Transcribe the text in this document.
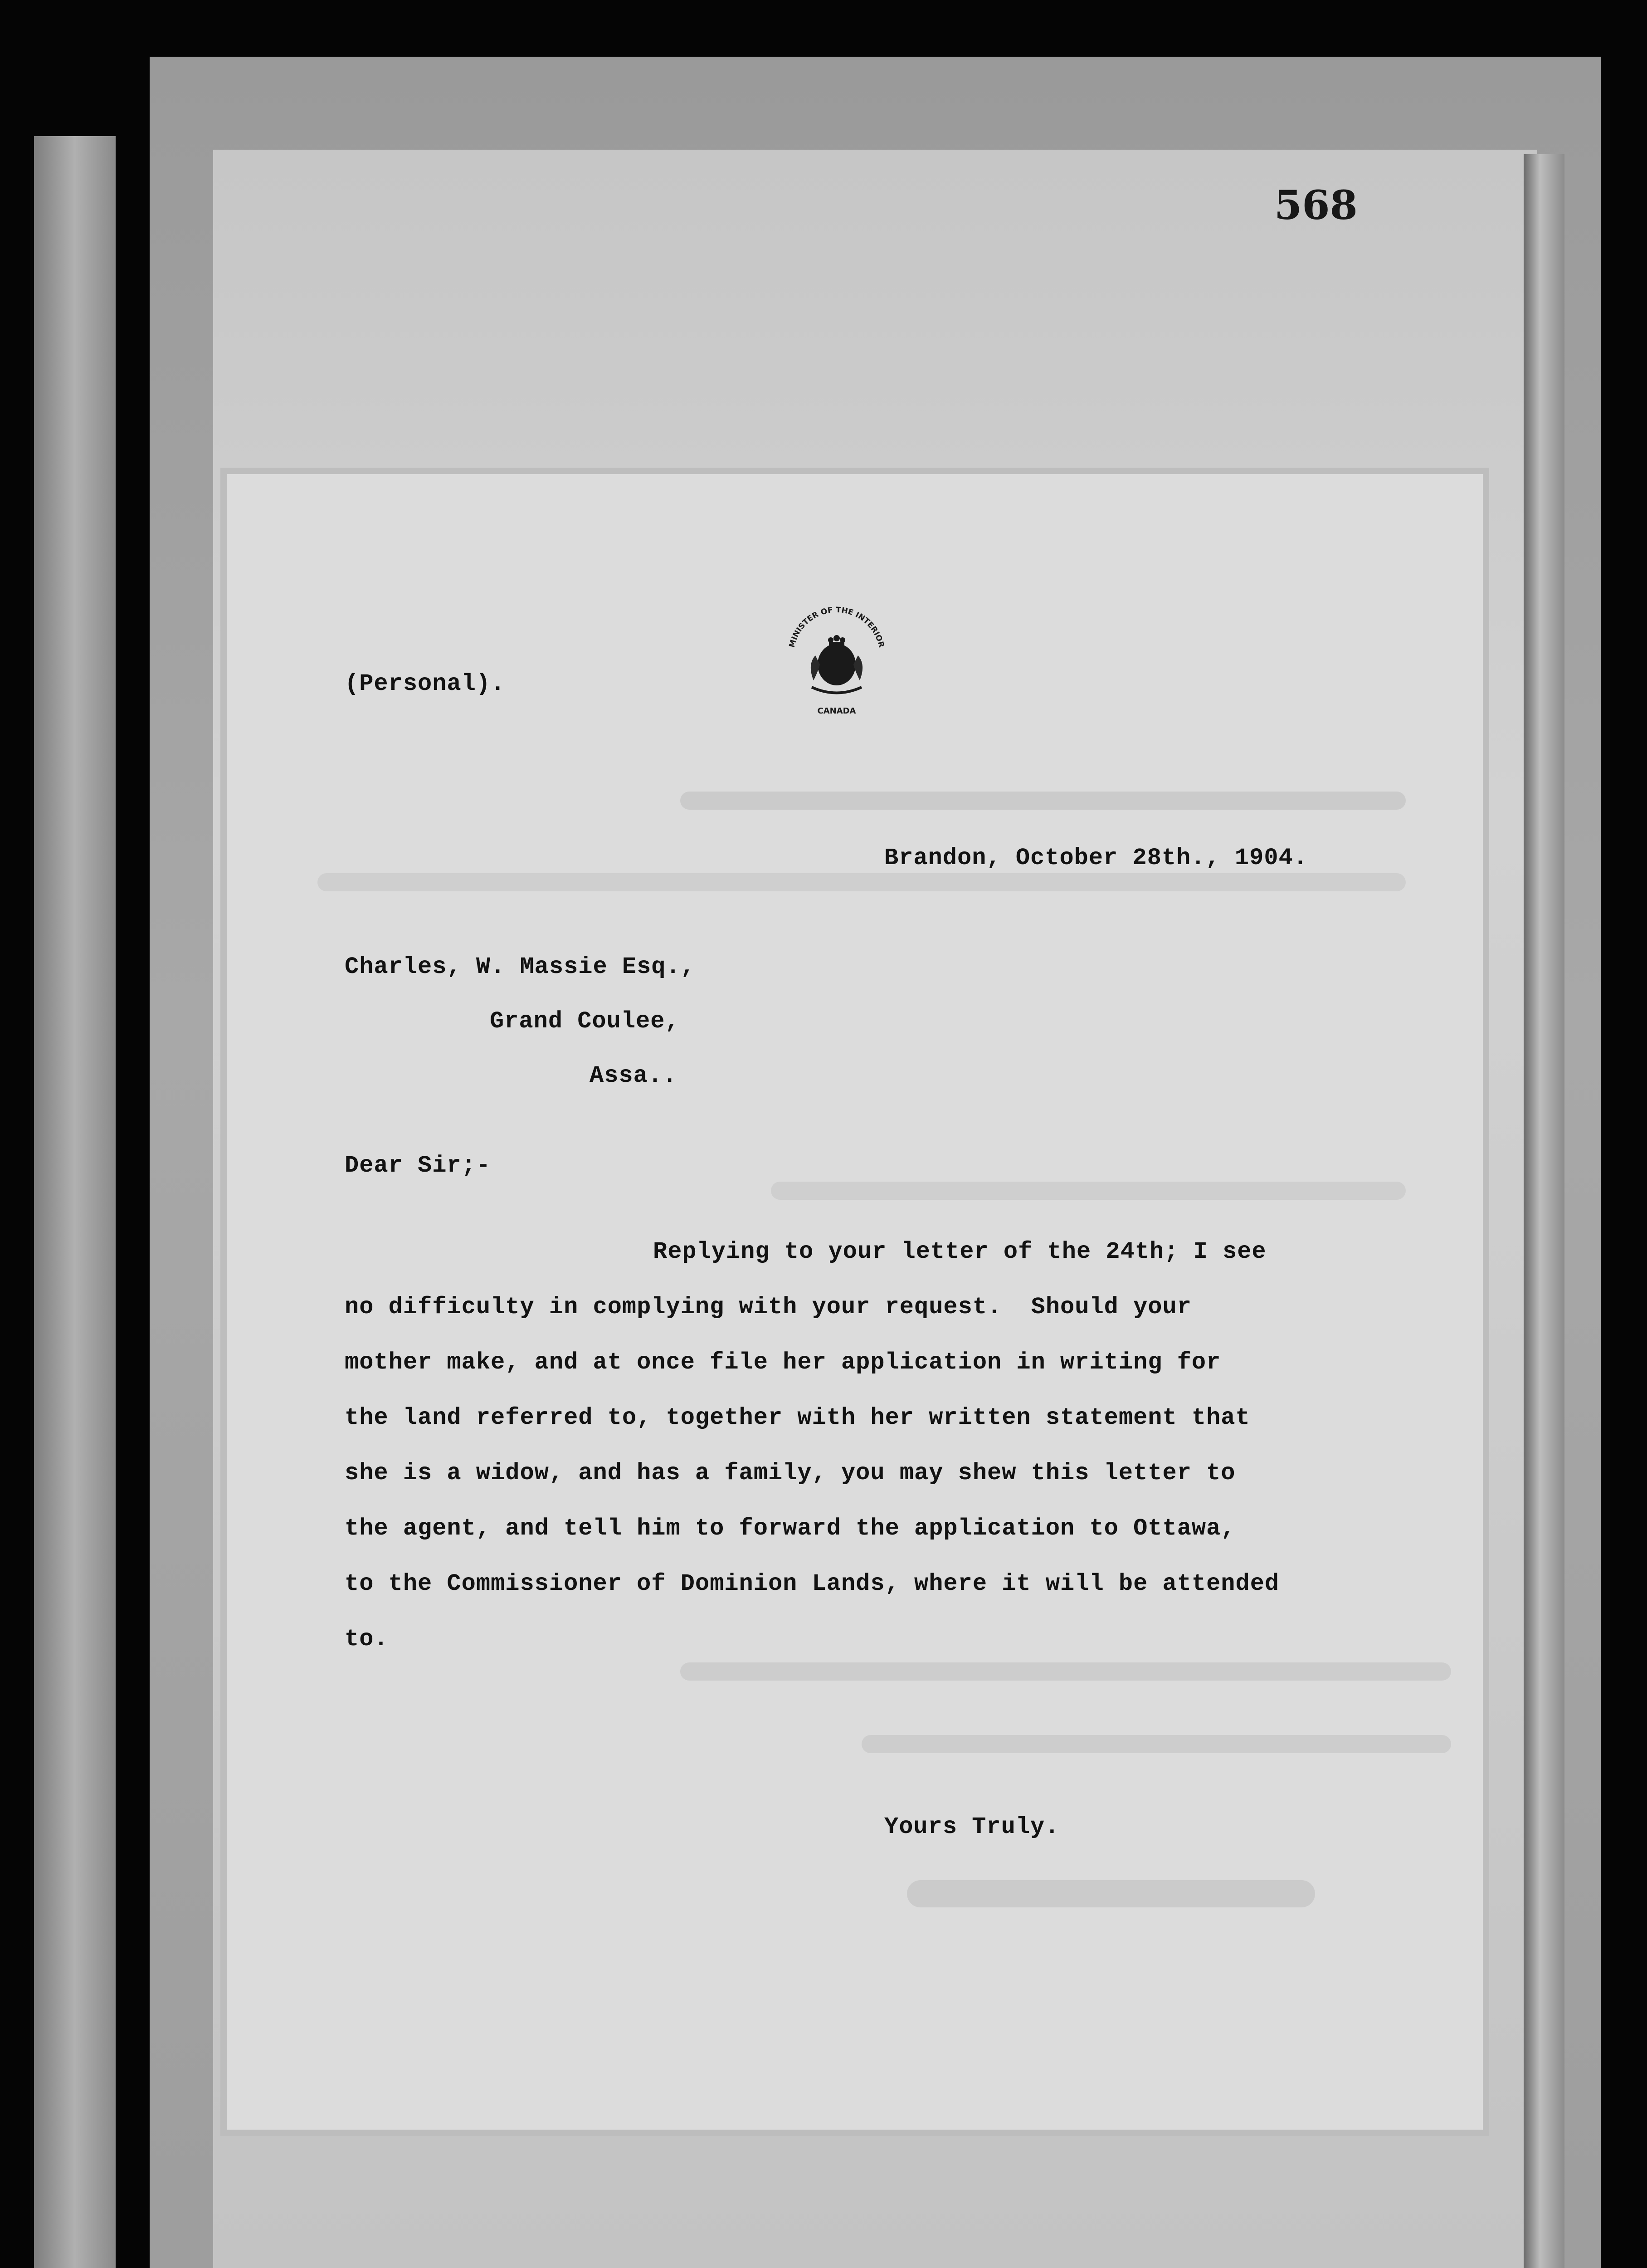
568
MINISTER OF THE INTERIOR
CANADA
(Personal).
Brandon, October 28th., 1904.
Charles, W. Massie Esq.,
Grand Coulee,
Assa..
Dear Sir;-
Replying to your letter of the 24th; I see
no difficulty in complying with your request.  Should your
mother make, and at once file her application in writing for
the land referred to, together with her written statement that
she is a widow, and has a family, you may shew this letter to
the agent, and tell him to forward the application to Ottawa,
to the Commissioner of Dominion Lands, where it will be attended
to.
Yours Truly.
